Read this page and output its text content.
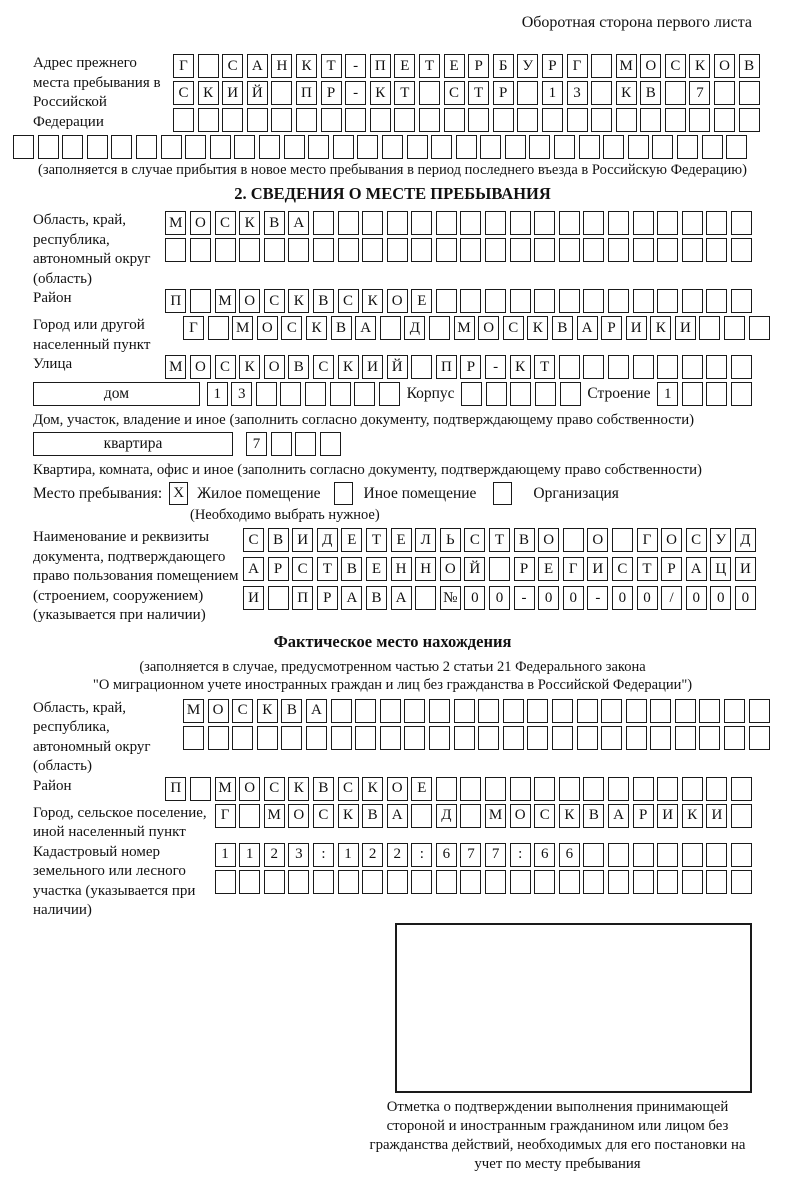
Оборотная сторона первого листа
Адрес прежнего места пребывания в Российской Федерации
Г	С А Н К	Т	-	П Е	Т	Е	Р	Б У	Р	Г	М О С К О В
С К И Й	П	Р	-	К	Т	С	Т	Р	1	3	К В	7
(заполняется в случае прибытия в новое место пребывания в период последнего въезда в Российскую Федерацию)
2. СВЕДЕНИЯ О МЕСТЕ ПРЕБЫВАНИЯ
Область, край, республика, автономный округ (область)
М О С К В А
Район	П	М О С К В С К О Е
Город или другой населенный пункт
Г	М О С К В А	Д	М О С К В А	Р	И К И
Улица	М О С К О В С К И Й	П	Р	-	К	Т
дом	1	3	Корпус	Строение 1
Дом, участок, владение и иное (заполнить согласно документу, подтверждающему право собственности)
квартира	7
Квартира, комната, офис и иное (заполнить согласно документу, подтверждающему право собственности)
Место пребывания: X Жилое помещение	Иное помещение	Организация
(Необходимо выбрать нужное)
Наименование и реквизиты документа, подтверждающего право пользования помещением (строением, сооружением) (указывается при наличии)
С В И Д Е	Т	Е Л	Ь	С	Т	В О	О	Г О С У Д
А	Р	С	Т	В	Е Н Н О Й	Р	Е	Г И С	Т	Р	А Ц И
И	П	Р	А В А	№ 0	0	-	0	0	-	0	0	/	0	0	0
Фактическое место нахождения
(заполняется в случае, предусмотренном частью 2 статьи 21 Федерального закона
"О миграционном учете иностранных граждан и лиц без гражданства в Российской Федерации")
Область, край, республика, автономный округ (область)
М О С К В А
Район	П	М О С К В С К О Е
Город, сельское поселение, иной населенный пункт
Г	М О С К В А	Д	М О С К В А	Р	И К И
Кадастровый номер земельного или лесного участка (указывается при наличии)
1	1	2	3	:	1	2	2	:	6	7	7	:	6	6
Отметка о подтверждении выполнения принимающей стороной и иностранным гражданином или лицом без гражданства действий, необходимых для его постановки на учет по месту пребывания
